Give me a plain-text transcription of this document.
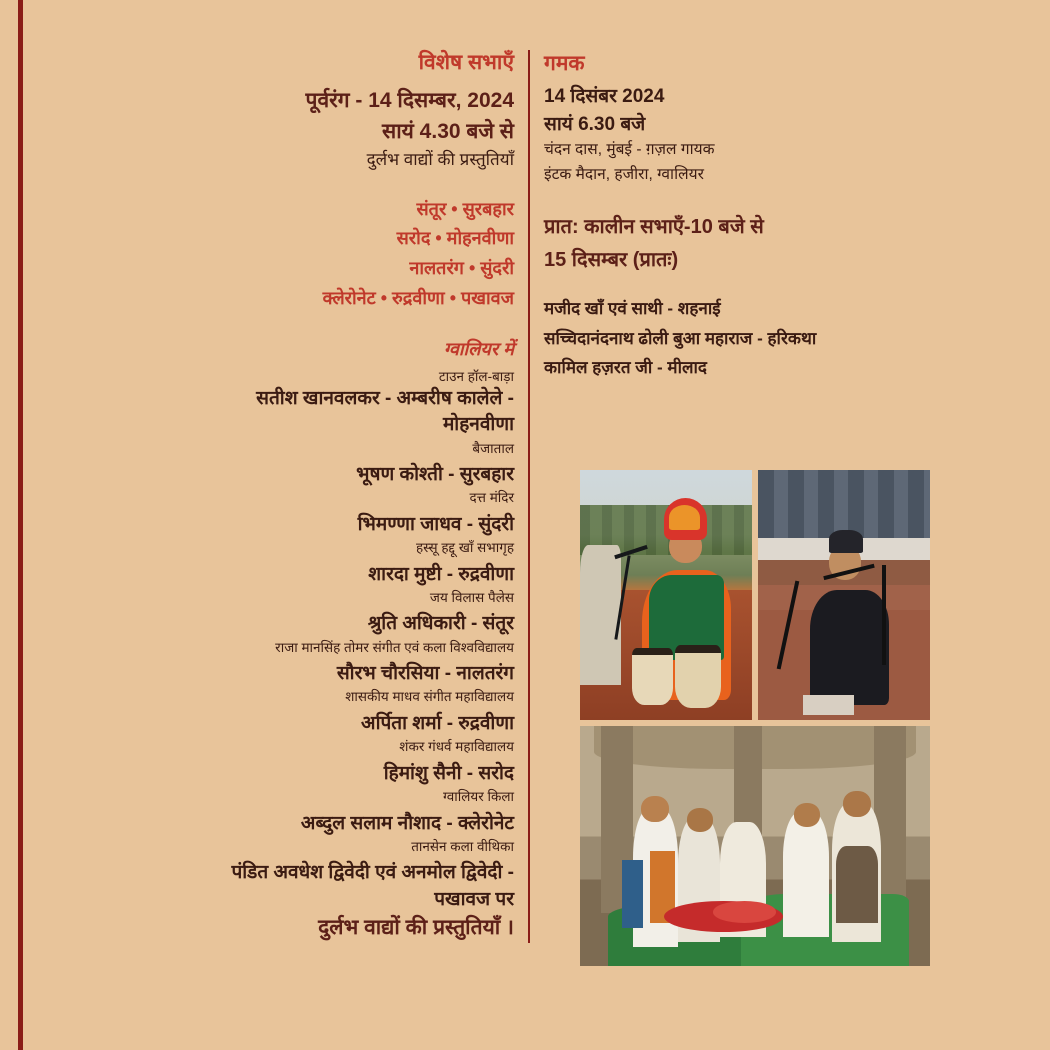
विशेष सभाएँ
पूर्वरंग - 14 दिसम्बर, 2024
सायं 4.30 बजे से
दुर्लभ वाद्यों की प्रस्तुतियाँ
संतूर • सुरबहार
सरोद • मोहनवीणा
नालतरंग • सुंदरी
क्लेरोनेट • रुद्रवीणा • पखावज
ग्वालियर में
टाउन हॉल-बाड़ा
सतीश खानवलकर - अम्बरीष कालेले - मोहनवीणा
बैजाताल
भूषण कोश्ती - सुरबहार
दत्त मंदिर
भिमण्णा जाधव - सुंदरी
हस्सू हद्दू खाँ सभागृह
शारदा मुष्टी - रुद्रवीणा
जय विलास पैलेस
श्रुति अधिकारी - संतूर
राजा मानसिंह तोमर संगीत एवं कला विश्वविद्यालय
सौरभ चौरसिया - नालतरंग
शासकीय माधव संगीत महाविद्यालय
अर्पिता शर्मा - रुद्रवीणा
शंकर गंधर्व महाविद्यालय
हिमांशु सैनी - सरोद
ग्वालियर किला
अब्दुल सलाम नौशाद - क्लेरोनेट
तानसेन कला वीथिका
पंडित अवधेश द्विवेदी एवं अनमोल द्विवेदी - पखावज पर
दुर्लभ वाद्यों की प्रस्तुतियाँ ।
गमक
14 दिसंबर 2024
सायं 6.30 बजे
चंदन दास, मुंबई - ग़ज़ल गायक
इंटक मैदान, हजीरा, ग्वालियर
प्रात: कालीन सभाएँ-10 बजे से
15 दिसम्बर (प्रातः)
मजीद खाँ एवं साथी - शहनाई
सच्चिदानंदनाथ ढोली बुआ महाराज - हरिकथा
कामिल हज़रत जी - मीलाद
